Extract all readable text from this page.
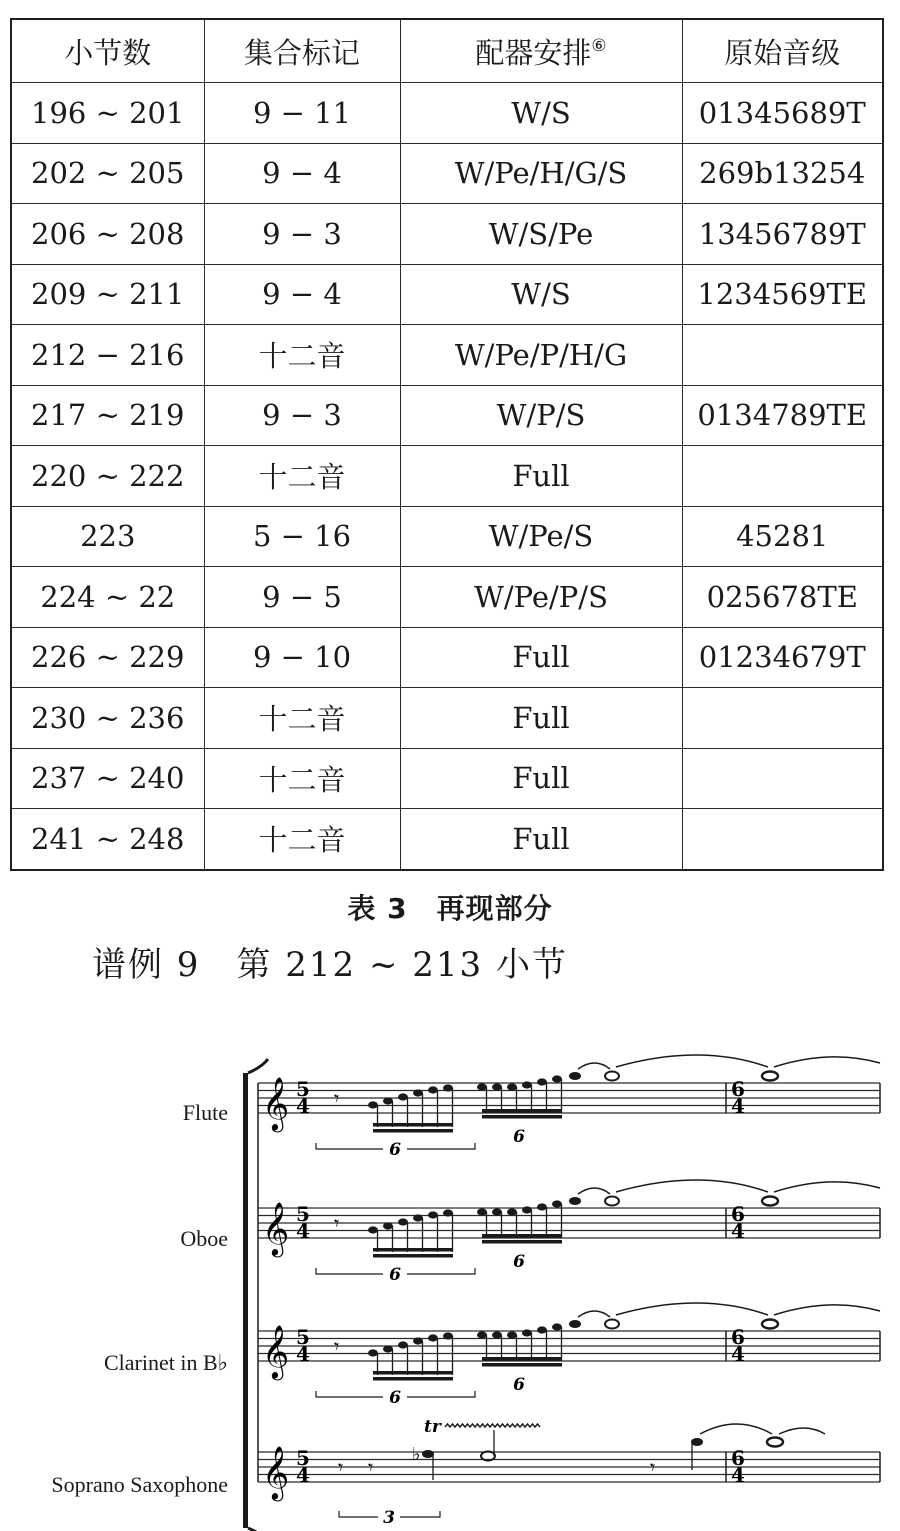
小节数	集合标记	配器安排⑥	原始音级
196 ~ 201	9 − 11	W/S	01345689T
202 ~ 205	9 − 4	W/Pe/H/G/S	269b13254
206 ~ 208	9 − 3	W/S/Pe	13456789T
209 ~ 211	9 − 4	W/S	1234569TE
212 − 216	十二音	W/Pe/P/H/G	
217 ~ 219	9 − 3	W/P/S	0134789TE
220 ~ 222	十二音	Full	
223	5 − 16	W/Pe/S	45281
224 ~ 22	9 − 5	W/Pe/P/S	025678TE
226 ~ 229	9 − 10	Full	01234679T
230 ~ 236	十二音	Full	
237 ~ 240	十二音	Full	
241 ~ 248	十二音	Full	
表 3　再现部分
谱例 9　第 212 ~ 213 小节
Flute
Oboe
Clarinet in B♭
Soprano Saxophone
𝄞 5
4
6
4
𝄾
6
6
𝄞 5
4
6
4
𝄾
6
6
𝄞 5
4
6
4
𝄾
6
6
𝄞 5
4
6
4
𝄾 𝄾
♭
tr
𝄾
3
